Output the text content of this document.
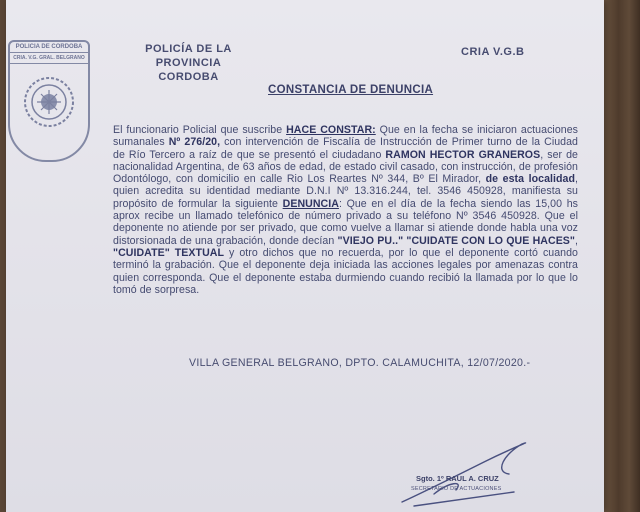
POLICIA DE CORDOBA
CRIA. V.G. GRAL. BELGRANO
POLICÍA DE LA PROVINCIA
CORDOBA
CRIA V.G.B
CONSTANCIA DE DENUNCIA
El funcionario Policial que suscribe HACE CONSTAR: Que en la fecha se iniciaron actuaciones sumanales Nº 276/20, con intervención de Fiscalía de Instrucción de Primer turno de la Ciudad de Río Tercero a raíz de que se presentó el ciudadano RAMON HECTOR GRANEROS, ser de nacionalidad Argentina, de 63 años de edad, de estado civil casado, con instrucción, de profesión Odontólogo, con domicilio en calle Rio Los Reartes Nº 344, Bº El Mirador, de esta localidad, quien acredita su identidad mediante D.N.I Nº 13.316.244, tel. 3546 450928, manifiesta su propósito de formular la siguiente DENUNCIA: Que en el día de la fecha siendo las 15,00 hs aprox recibe un llamado telefónico de número privado a su teléfono Nº 3546 450928. Que el deponente no atiende por ser privado, que como vuelve a llamar si atiende donde habla una voz distorsionada de una grabación, donde decían "VIEJO PU.." "CUIDATE CON LO QUE HACES", "CUIDATE" TEXTUAL y otro dichos que no recuerda, por lo que el deponente cortó cuando terminó la grabación. Que el deponente deja iniciada las acciones legales por amenazas contra quien corresponda. Que el deponente estaba durmiendo cuando recibió la llamada por lo que lo tomó de sorpresa.
VILLA GENERAL BELGRANO, DPTO. CALAMUCHITA, 12/07/2020.-
Sgto. 1º RAUL A. CRUZ
SECRETARIO DE ACTUACIONES
